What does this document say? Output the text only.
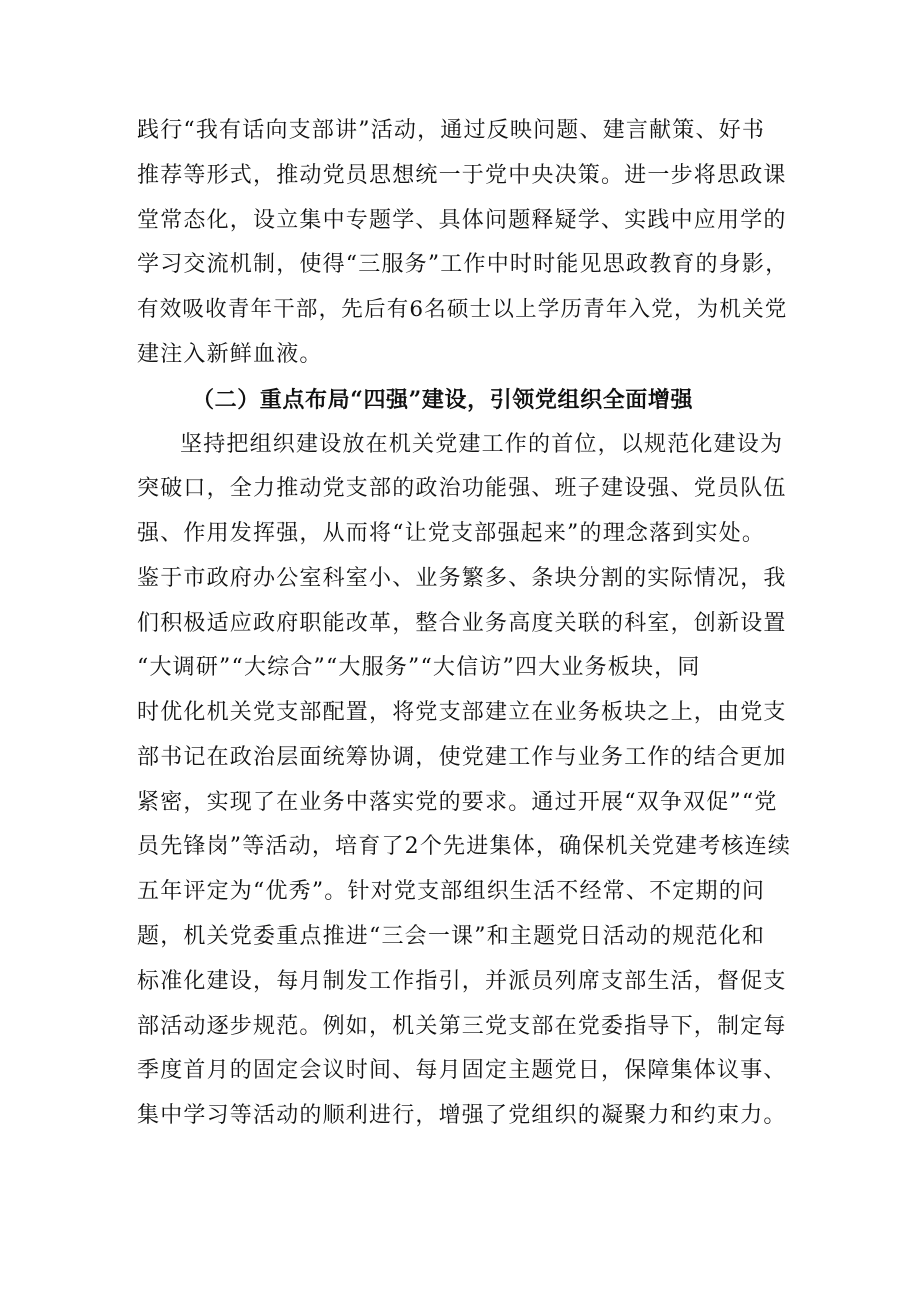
践行“我有话向支部讲”活动，通过反映问题、建言献策、好书
推荐等形式，推动党员思想统一于党中央决策。进一步将思政课
堂常态化，设立集中专题学、具体问题释疑学、实践中应用学的
学习交流机制，使得“三服务”工作中时时能见思政教育的身影，
有效吸收青年干部，先后有6名硕士以上学历青年入党，为机关党
建注入新鲜血液。
（二）重点布局“四强”建设，引领党组织全面增强
坚持把组织建设放在机关党建工作的首位，以规范化建设为
突破口，全力推动党支部的政治功能强、班子建设强、党员队伍
强、作用发挥强，从而将“让党支部强起来”的理念落到实处。
鉴于市政府办公室科室小、业务繁多、条块分割的实际情况，我
们积极适应政府职能改革，整合业务高度关联的科室，创新设置
“大调研”“大综合”“大服务”“大信访”四大业务板块，同
时优化机关党支部配置，将党支部建立在业务板块之上，由党支
部书记在政治层面统筹协调，使党建工作与业务工作的结合更加
紧密，实现了在业务中落实党的要求。通过开展“双争双促”“党
员先锋岗”等活动，培育了2个先进集体，确保机关党建考核连续
五年评定为“优秀”。针对党支部组织生活不经常、不定期的问
题，机关党委重点推进“三会一课”和主题党日活动的规范化和
标准化建设，每月制发工作指引，并派员列席支部生活，督促支
部活动逐步规范。例如，机关第三党支部在党委指导下，制定每
季度首月的固定会议时间、每月固定主题党日，保障集体议事、
集中学习等活动的顺利进行，增强了党组织的凝聚力和约束力。
